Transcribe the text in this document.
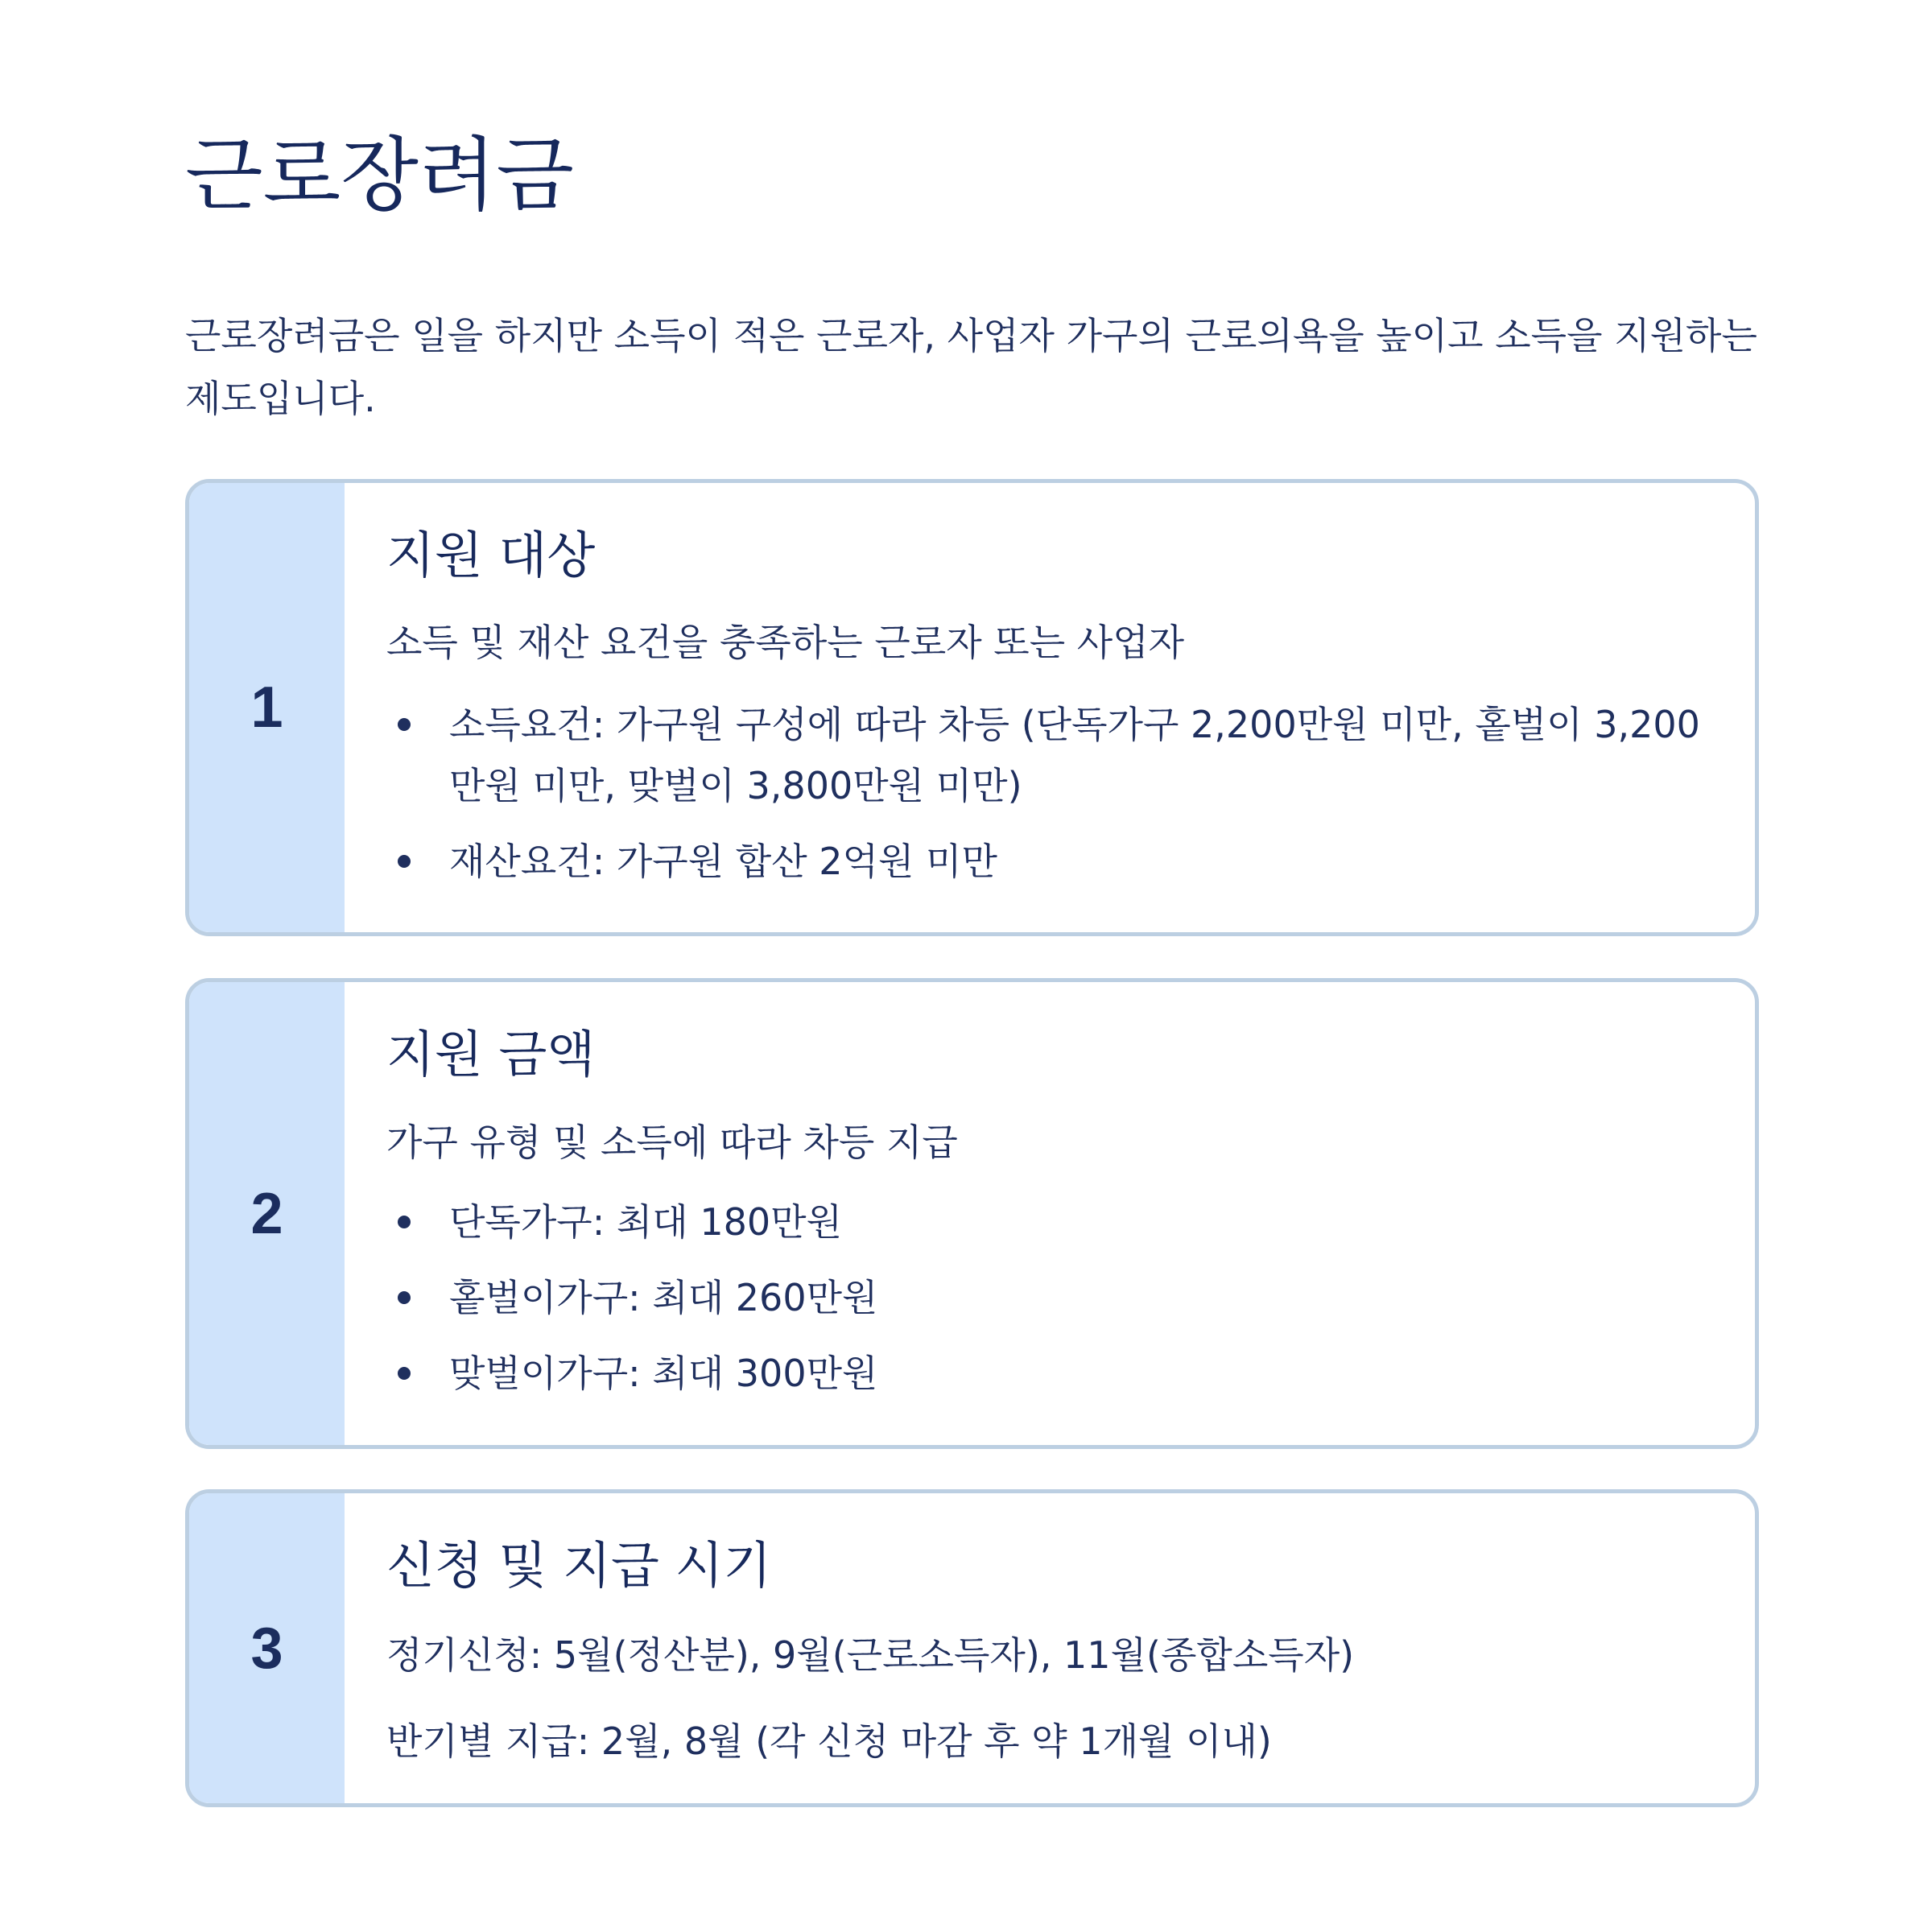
근로장려금

근로장려금은 일을 하지만 소득이 적은 근로자, 사업자 가구의 근로의욕을 높이고 소득을 지원하는 제도입니다.

1
지원 대상

소득 및 재산 요건을 충족하는 근로자 또는 사업자

소득요건: 가구원 구성에 따라 차등 (단독가구 2,200만원 미만, 홑벌이 3,200만원 미만, 맞벌이 3,800만원 미만)
재산요건: 가구원 합산 2억원 미만
2
지원 금액

가구 유형 및 소득에 따라 차등 지급

단독가구: 최대 180만원
홑벌이가구: 최대 260만원
맞벌이가구: 최대 300만원
3
신청 및 지급 시기

정기신청: 5월(정산분), 9월(근로소득자), 11월(종합소득자)

반기별 지급: 2월, 8월 (각 신청 마감 후 약 1개월 이내)
